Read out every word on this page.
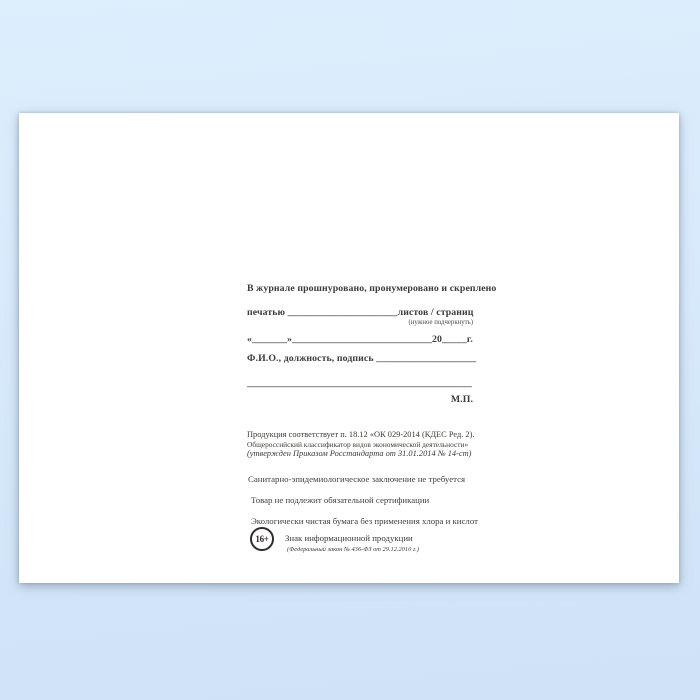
В журнале прошнуровано, пронумеровано и скреплено
печатью ______________________листов / страниц
(нужное подчеркнуть)
«_______»____________________________20_____г.
Ф.И.О., должность, подпись ____________________
_____________________________________________
М.П.
Продукция соответствует п. 18.12 «ОК 029-2014 (КДЕС Ред. 2).
Общероссийский классификатор видов экономической деятельности»
(утвержден Приказом Росстандарта от 31.01.2014 № 14-ст)
Санитарно-эпидемиологическое заключение не требуется
Товар не подлежит обязательной сертификации
Экологически чистая бумага без применения хлора и кислот
16+ Знак информационной продукции
(Федеральный закон № 436-ФЗ от 29.12.2010 г.)
